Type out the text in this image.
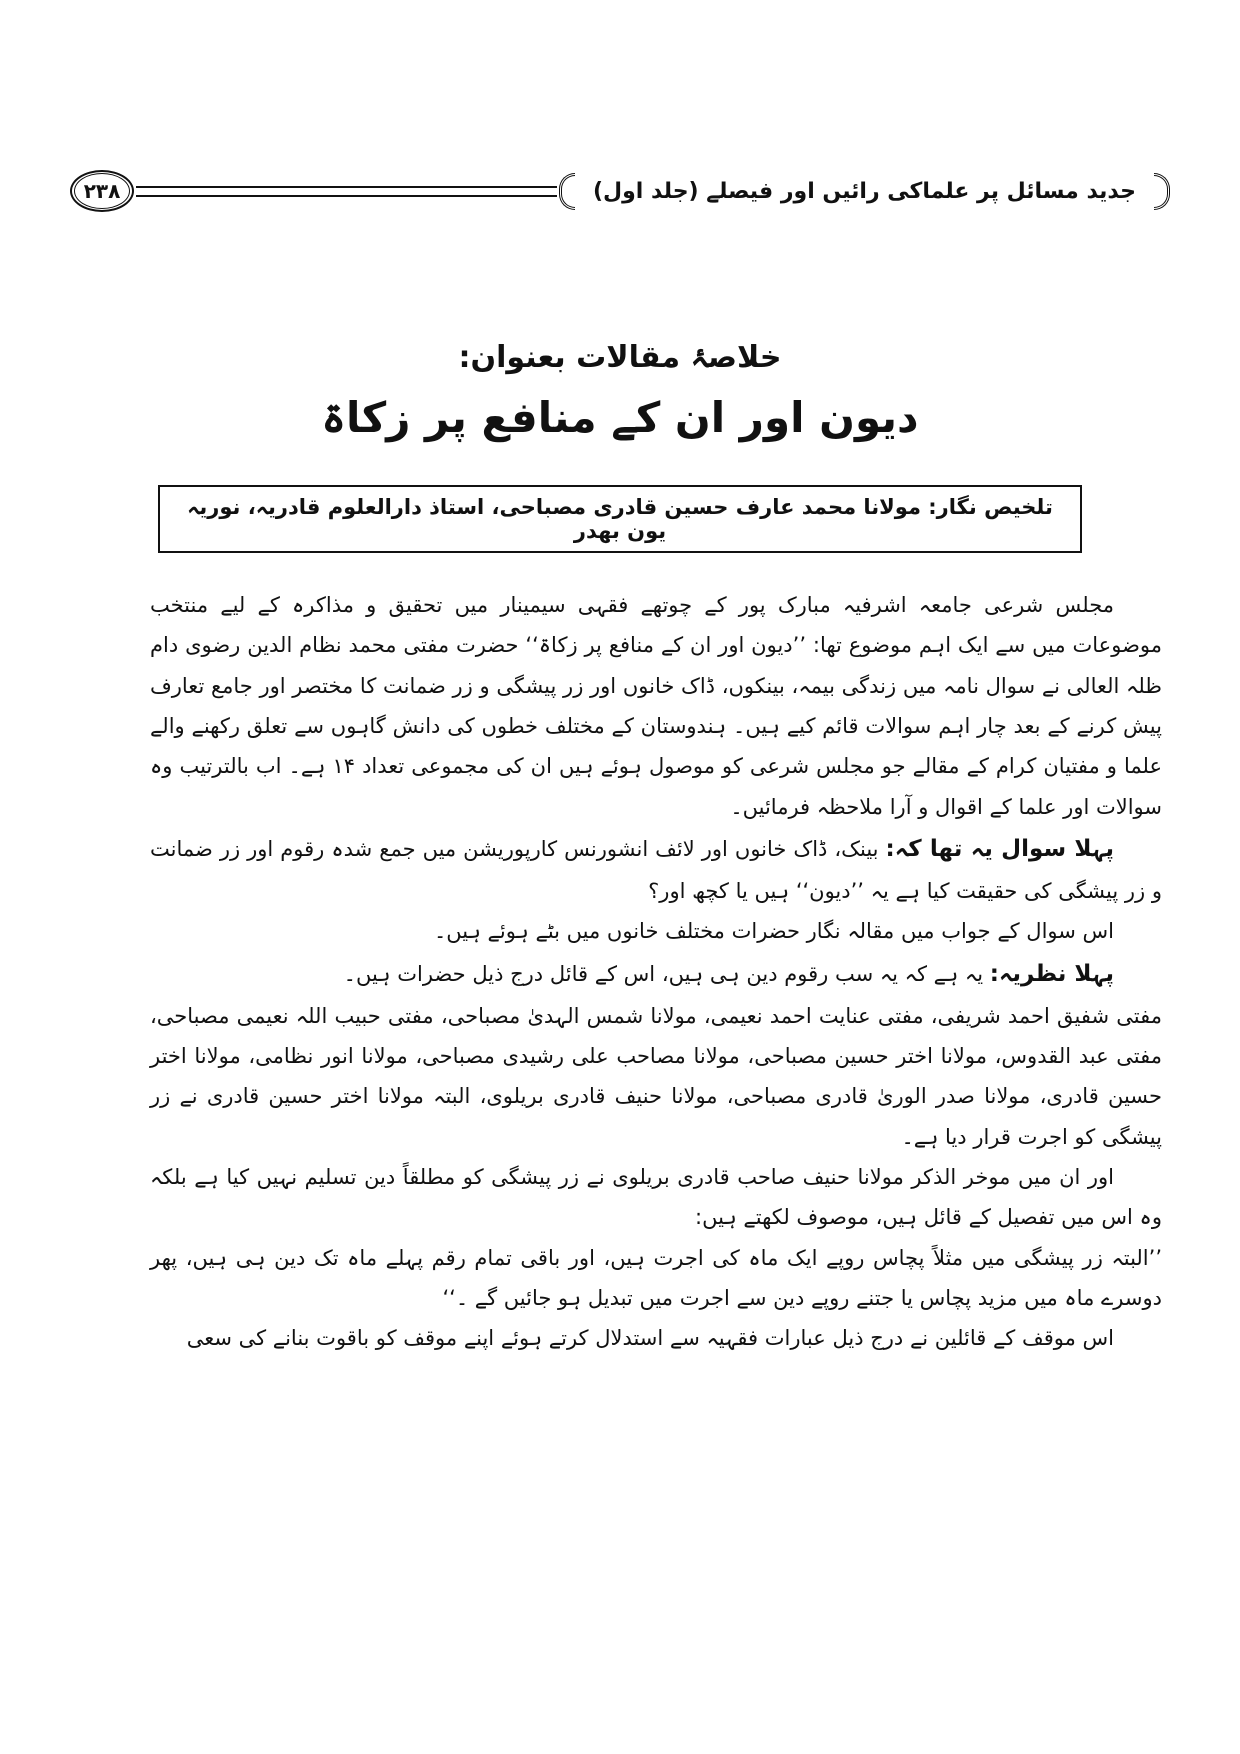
۲۳۸	جدید مسائل پر علماکی رائیں اور فیصلے (جلد اول)
خلاصۂ مقالات بعنوان:
دیون اور ان کے منافع پر زکاۃ
تلخیص نگار: مولانا محمد عارف حسین قادری مصباحی، استاذ دارالعلوم قادریہ، نوریہ یون بھدر

مجلس شرعی جامعہ اشرفیہ مبارک پور کے چوتھے فقہی سیمینار میں تحقیق و مذاکرہ کے لیے منتخب موضوعات میں سے ایک اہم موضوع تھا: ’’دیون اور ان کے منافع پر زکاۃ‘‘ حضرت مفتی محمد نظام الدین رضوی دام ظلہ العالی نے سوال نامہ میں زندگی بیمہ، بینکوں، ڈاک خانوں اور زر پیشگی و زر ضمانت کا مختصر اور جامع تعارف پیش کرنے کے بعد چار اہم سوالات قائم کیے ہیں۔ ہندوستان کے مختلف خطوں کی دانش گاہوں سے تعلق رکھنے والے علما و مفتیان کرام کے مقالے جو مجلس شرعی کو موصول ہوئے ہیں ان کی مجموعی تعداد ۱۴ ہے۔ اب بالترتیب وہ سوالات اور علما کے اقوال و آرا ملاحظہ فرمائیں۔

پہلا سوال یہ تھا کہ: بینک، ڈاک خانوں اور لائف انشورنس کارپوریشن میں جمع شدہ رقوم اور زر ضمانت و زر پیشگی کی حقیقت کیا ہے یہ ’’دیون‘‘ ہیں یا کچھ اور؟

اس سوال کے جواب میں مقالہ نگار حضرات مختلف خانوں میں بٹے ہوئے ہیں۔

پہلا نظریہ: یہ ہے کہ یہ سب رقوم دین ہی ہیں، اس کے قائل درج ذیل حضرات ہیں۔

مفتی شفیق احمد شریفی، مفتی عنایت احمد نعیمی، مولانا شمس الہدیٰ مصباحی، مفتی حبیب اللہ نعیمی مصباحی، مفتی عبد القدوس، مولانا اختر حسین مصباحی، مولانا مصاحب علی رشیدی مصباحی، مولانا انور نظامی، مولانا اختر حسین قادری، مولانا صدر الوریٰ قادری مصباحی، مولانا حنیف قادری بریلوی، البتہ مولانا اختر حسین قادری نے زر پیشگی کو اجرت قرار دیا ہے۔

اور ان میں موخر الذکر مولانا حنیف صاحب قادری بریلوی نے زر پیشگی کو مطلقاً دین تسلیم نہیں کیا ہے بلکہ وہ اس میں تفصیل کے قائل ہیں، موصوف لکھتے ہیں:

’’البتہ زر پیشگی میں مثلاً پچاس روپے ایک ماہ کی اجرت ہیں، اور باقی تمام رقم پہلے ماہ تک دین ہی ہیں، پھر دوسرے ماہ میں مزید پچاس یا جتنے روپے دین سے اجرت میں تبدیل ہو جائیں گے ۔‘‘

اس موقف کے قائلین نے درج ذیل عبارات فقہیہ سے استدلال کرتے ہوئے اپنے موقف کو باقوت بنانے کی سعی
